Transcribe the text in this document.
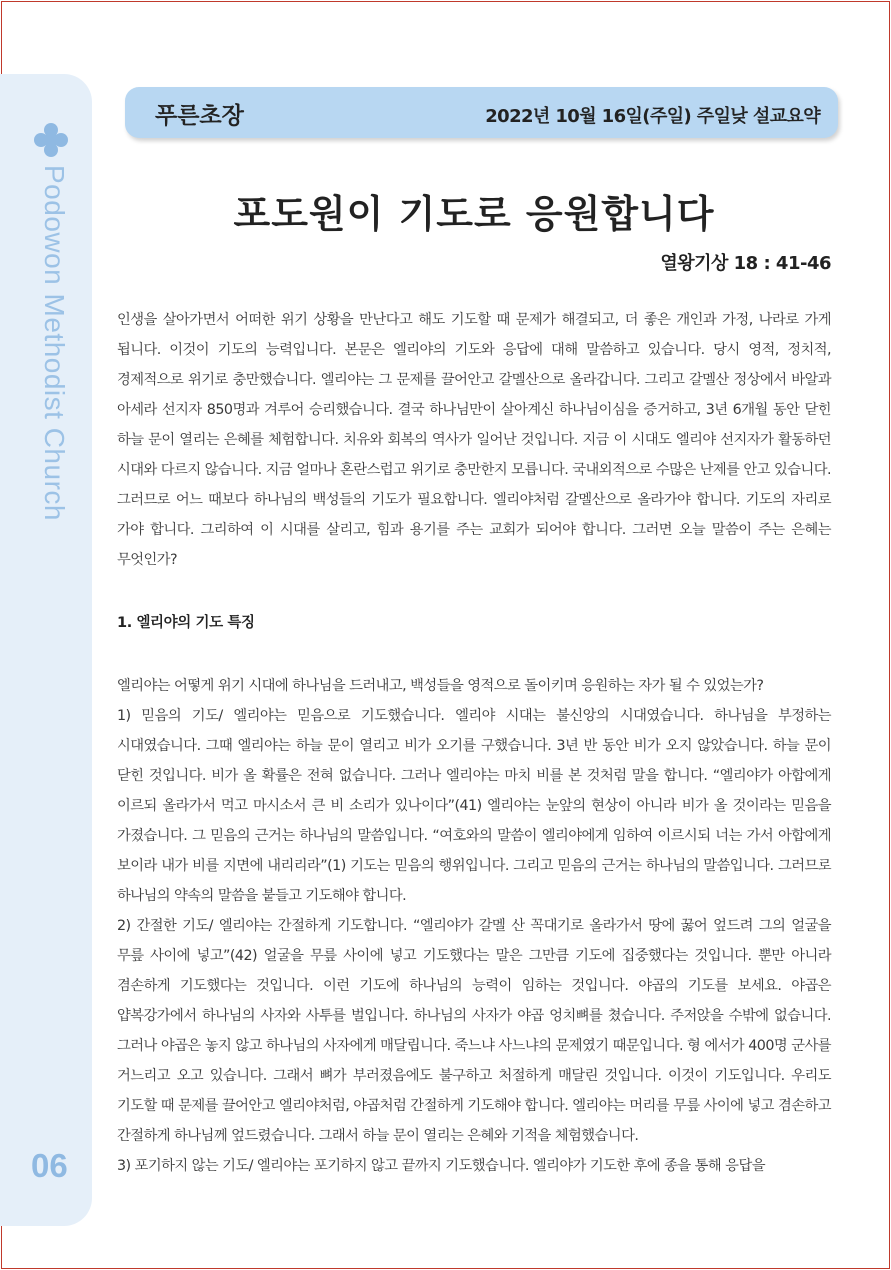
Podowon Methodist Church
06
푸른초장	2022년 10월 16일(주일) 주일낮 설교요약
포도원이 기도로 응원합니다
열왕기상 18 : 41-46

인생을 살아가면서 어떠한 위기 상황을 만난다고 해도 기도할 때 문제가 해결되고, 더 좋은 개인과 가정, 나라로 가게 됩니다. 이것이 기도의 능력입니다. 본문은 엘리야의 기도와 응답에 대해 말씀하고 있습니다. 당시 영적, 정치적, 경제적으로 위기로 충만했습니다. 엘리야는 그 문제를 끌어안고 갈멜산으로 올라갑니다. 그리고 갈멜산 정상에서 바알과 아세라 선지자 850명과 겨루어 승리했습니다. 결국 하나님만이 살아계신 하나님이심을 증거하고, 3년 6개월 동안 닫힌 하늘 문이 열리는 은혜를 체험합니다. 치유와 회복의 역사가 일어난 것입니다. 지금 이 시대도 엘리야 선지자가 활동하던 시대와 다르지 않습니다. 지금 얼마나 혼란스럽고 위기로 충만한지 모릅니다. 국내외적으로 수많은 난제를 안고 있습니다. 그러므로 어느 때보다 하나님의 백성들의 기도가 필요합니다. 엘리야처럼 갈멜산으로 올라가야 합니다. 기도의 자리로 가야 합니다. 그리하여 이 시대를 살리고, 힘과 용기를 주는 교회가 되어야 합니다. 그러면 오늘 말씀이 주는 은혜는 무엇인가?

1. 엘리야의 기도 특징

엘리야는 어떻게 위기 시대에 하나님을 드러내고, 백성들을 영적으로 돌이키며 응원하는 자가 될 수 있었는가?

1) 믿음의 기도/ 엘리야는 믿음으로 기도했습니다. 엘리야 시대는 불신앙의 시대였습니다. 하나님을 부정하는 시대였습니다. 그때 엘리야는 하늘 문이 열리고 비가 오기를 구했습니다. 3년 반 동안 비가 오지 않았습니다. 하늘 문이 닫힌 것입니다. 비가 올 확률은 전혀 없습니다. 그러나 엘리야는 마치 비를 본 것처럼 말을 합니다. “엘리야가 아합에게 이르되 올라가서 먹고 마시소서 큰 비 소리가 있나이다”(41) 엘리야는 눈앞의 현상이 아니라 비가 올 것이라는 믿음을 가졌습니다. 그 믿음의 근거는 하나님의 말씀입니다. “여호와의 말씀이 엘리야에게 임하여 이르시되 너는 가서 아합에게 보이라 내가 비를 지면에 내리리라”(1) 기도는 믿음의 행위입니다. 그리고 믿음의 근거는 하나님의 말씀입니다. 그러므로 하나님의 약속의 말씀을 붙들고 기도해야 합니다.

2) 간절한 기도/ 엘리야는 간절하게 기도합니다. “엘리야가 갈멜 산 꼭대기로 올라가서 땅에 꿇어 엎드려 그의 얼굴을 무릎 사이에 넣고”(42) 얼굴을 무릎 사이에 넣고 기도했다는 말은 그만큼 기도에 집중했다는 것입니다. 뿐만 아니라 겸손하게 기도했다는 것입니다. 이런 기도에 하나님의 능력이 임하는 것입니다. 야곱의 기도를 보세요. 야곱은 얍복강가에서 하나님의 사자와 사투를 벌입니다. 하나님의 사자가 야곱 엉치뼈를 쳤습니다. 주저앉을 수밖에 없습니다. 그러나 야곱은 놓지 않고 하나님의 사자에게 매달립니다. 죽느냐 사느냐의 문제였기 때문입니다. 형 에서가 400명 군사를 거느리고 오고 있습니다. 그래서 뼈가 부러졌음에도 불구하고 처절하게 매달린 것입니다. 이것이 기도입니다. 우리도 기도할 때 문제를 끌어안고 엘리야처럼, 야곱처럼 간절하게 기도해야 합니다. 엘리야는 머리를 무릎 사이에 넣고 겸손하고 간절하게 하나님께 엎드렸습니다. 그래서 하늘 문이 열리는 은혜와 기적을 체험했습니다.

3) 포기하지 않는 기도/ 엘리야는 포기하지 않고 끝까지 기도했습니다. 엘리야가 기도한 후에 종을 통해 응답을
